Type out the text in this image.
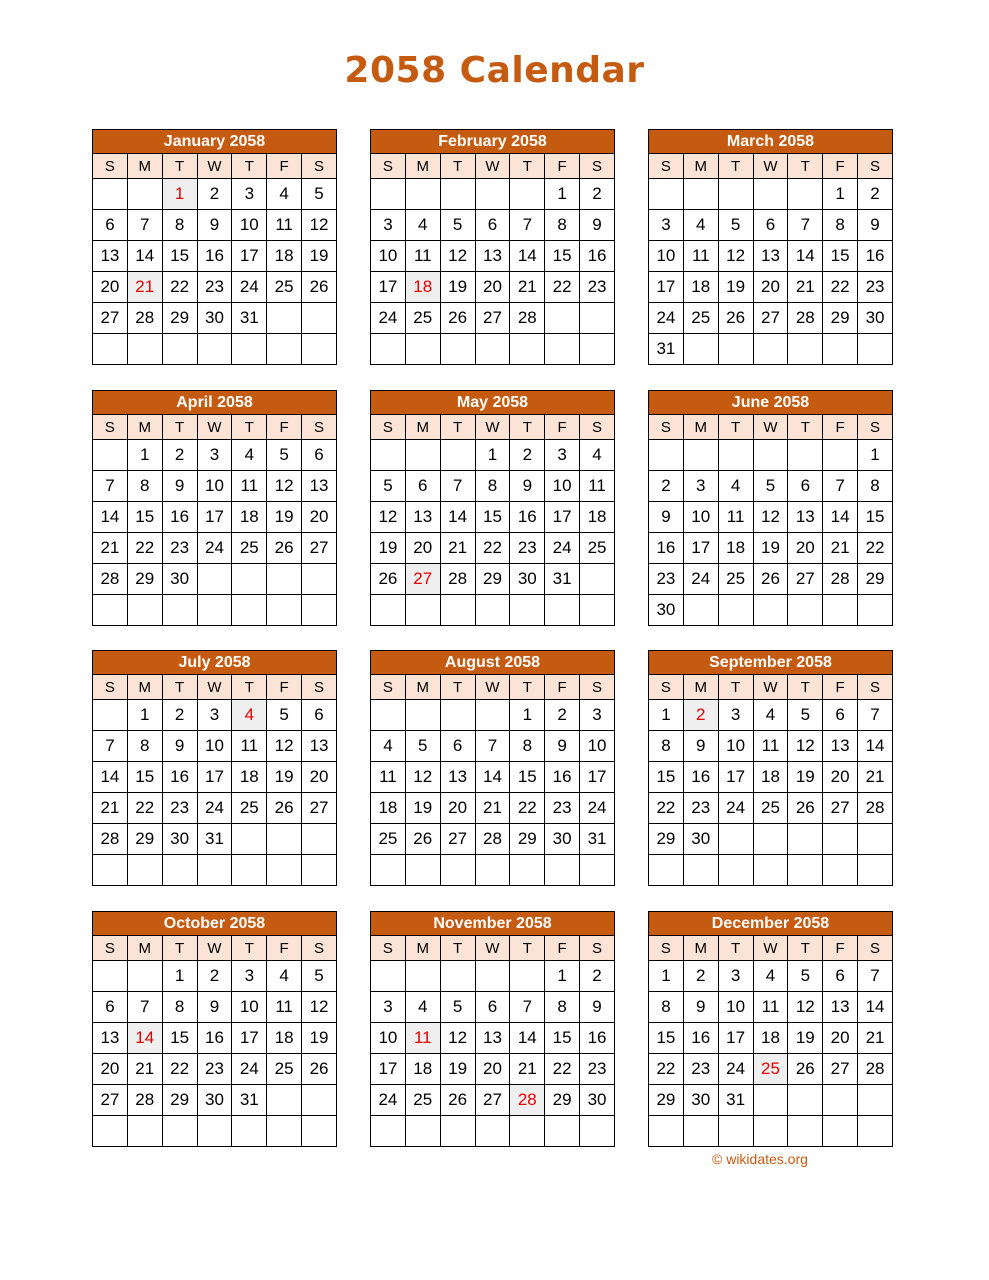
2058 Calendar
January 2058						
S	M	T	W	T	F	S
		1	2	3	4	5
6	7	8	9	10	11	12
13	14	15	16	17	18	19
20	21	22	23	24	25	26
27	28	29	30	31		

February 2058						
S	M	T	W	T	F	S
					1	2
3	4	5	6	7	8	9
10	11	12	13	14	15	16
17	18	19	20	21	22	23
24	25	26	27	28		

March 2058						
S	M	T	W	T	F	S
					1	2
3	4	5	6	7	8	9
10	11	12	13	14	15	16
17	18	19	20	21	22	23
24	25	26	27	28	29	30
31						
April 2058						
S	M	T	W	T	F	S
	1	2	3	4	5	6
7	8	9	10	11	12	13
14	15	16	17	18	19	20
21	22	23	24	25	26	27
28	29	30				

May 2058						
S	M	T	W	T	F	S
			1	2	3	4
5	6	7	8	9	10	11
12	13	14	15	16	17	18
19	20	21	22	23	24	25
26	27	28	29	30	31	

June 2058						
S	M	T	W	T	F	S
						1
2	3	4	5	6	7	8
9	10	11	12	13	14	15
16	17	18	19	20	21	22
23	24	25	26	27	28	29
30						
July 2058						
S	M	T	W	T	F	S
	1	2	3	4	5	6
7	8	9	10	11	12	13
14	15	16	17	18	19	20
21	22	23	24	25	26	27
28	29	30	31			

August 2058						
S	M	T	W	T	F	S
				1	2	3
4	5	6	7	8	9	10
11	12	13	14	15	16	17
18	19	20	21	22	23	24
25	26	27	28	29	30	31

September 2058						
S	M	T	W	T	F	S
1	2	3	4	5	6	7
8	9	10	11	12	13	14
15	16	17	18	19	20	21
22	23	24	25	26	27	28
29	30					

October 2058						
S	M	T	W	T	F	S
		1	2	3	4	5
6	7	8	9	10	11	12
13	14	15	16	17	18	19
20	21	22	23	24	25	26
27	28	29	30	31		

November 2058						
S	M	T	W	T	F	S
					1	2
3	4	5	6	7	8	9
10	11	12	13	14	15	16
17	18	19	20	21	22	23
24	25	26	27	28	29	30

December 2058						
S	M	T	W	T	F	S
1	2	3	4	5	6	7
8	9	10	11	12	13	14
15	16	17	18	19	20	21
22	23	24	25	26	27	28
29	30	31				

© wikidates.org
